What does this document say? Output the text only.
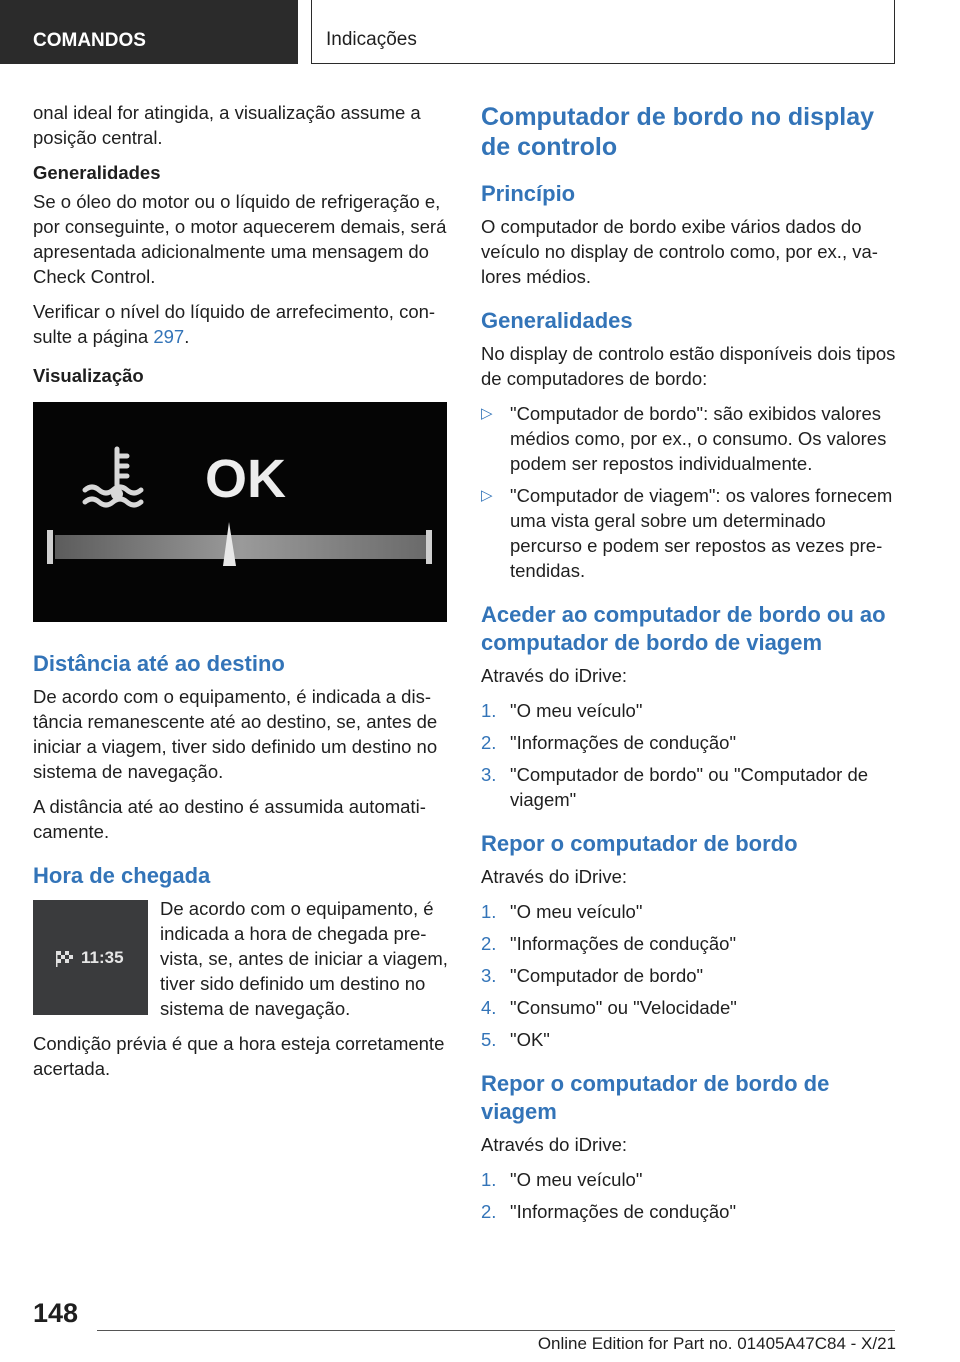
COMANDOS	Indicações

onal ideal for atingida, a visualização assume a posição central.

Generalidades

Se o óleo do motor ou o líquido de refrigeração e, por conseguinte, o motor aquecerem demais, será apresentada adicionalmente uma mensagem do Check Control.

Verificar o nível do líquido de arrefecimento, consulte a página 297.

Visualização
OK
Distância até ao destino

De acordo com o equipamento, é indicada a distância remanescente até ao destino, se, antes de iniciar a viagem, tiver sido definido um destino no sistema de navegação.

A distância até ao destino é assumida automaticamente.

Hora de chegada
11:35

De acordo com o equipamento, é indicada a hora de chegada prevista, se, antes de iniciar a viagem, tiver sido definido um destino no sistema de navegação.

Condição prévia é que a hora esteja corretamente acertada.

Computador de bordo no display de controlo
Princípio

O computador de bordo exibe vários dados do veículo no display de controlo como, por ex., valores médios.

Generalidades

No display de controlo estão disponíveis dois tipos de computadores de bordo:

▷ "Computador de bordo": são exibidos valores médios como, por ex., o consumo. Os valores podem ser repostos individualmente.
▷ "Computador de viagem": os valores fornecem uma vista geral sobre um determinado percurso e podem ser repostos as vezes pretendidas.
Aceder ao computador de bordo ou ao computador de bordo de viagem

Através do iDrive:

1. "O meu veículo"
2. "Informações de condução"
3. "Computador de bordo" ou "Computador de viagem"
Repor o computador de bordo

Através do iDrive:

1. "O meu veículo"
2. "Informações de condução"
3. "Computador de bordo"
4. "Consumo" ou "Velocidade"
5. "OK"
Repor o computador de bordo de viagem

Através do iDrive:

1. "O meu veículo"
2. "Informações de condução"
148
Online Edition for Part no. 01405A47C84 - X/21
